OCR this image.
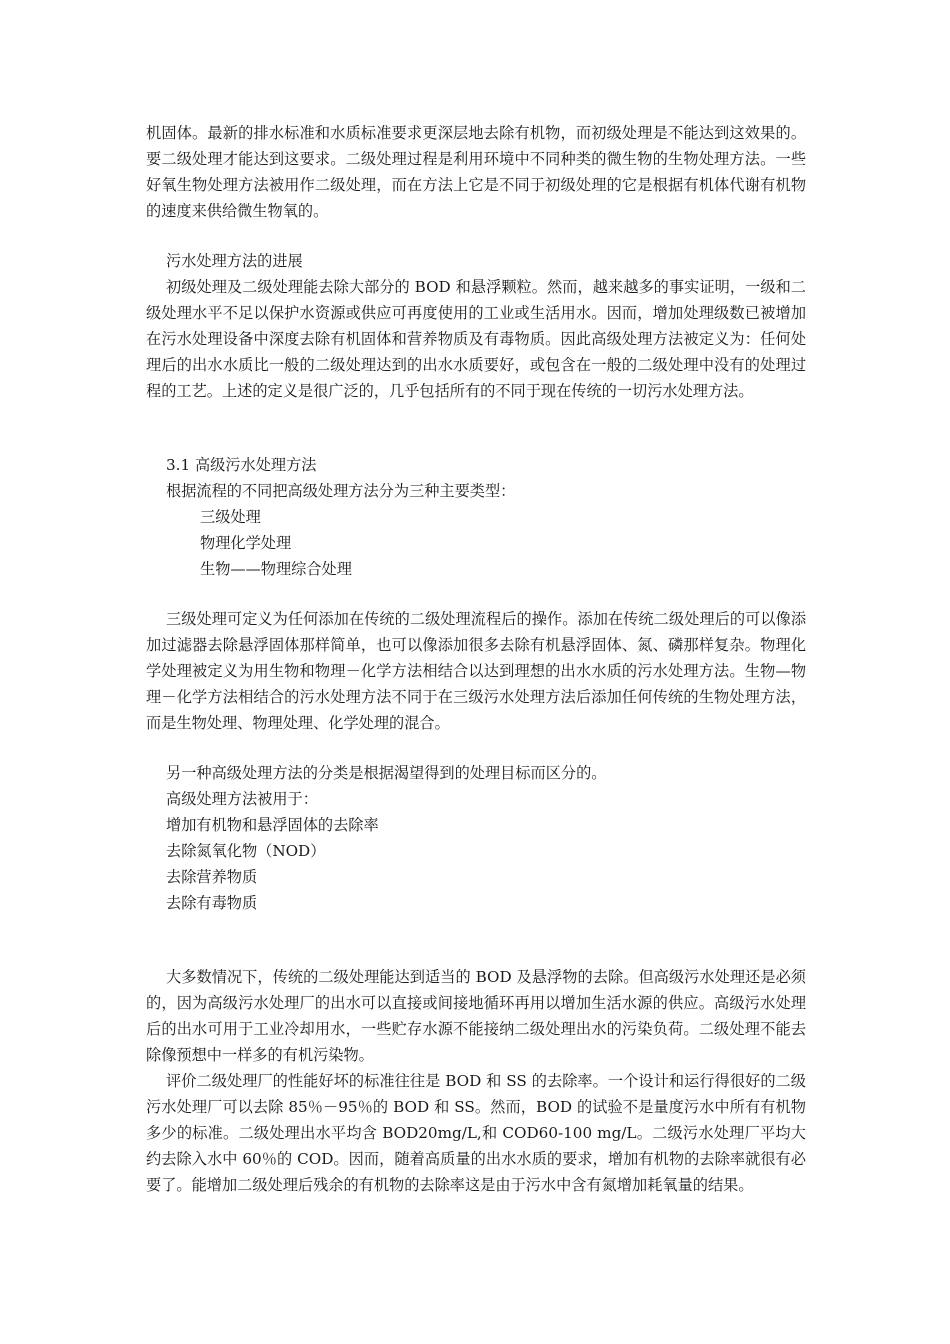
机固体。最新的排水标准和水质标准要求更深层地去除有机物，而初级处理是不能达到这效果的。要二级处理才能达到这要求。二级处理过程是利用环境中不同种类的微生物的生物处理方法。一些好氧生物处理方法被用作二级处理，而在方法上它是不同于初级处理的它是根据有机体代谢有机物的速度来供给微生物氧的。

污水处理方法的进展

初级处理及二级处理能去除大部分的 BOD 和悬浮颗粒。然而，越来越多的事实证明，一级和二级处理水平不足以保护水资源或供应可再度使用的工业或生活用水。因而，增加处理级数已被增加在污水处理设备中深度去除有机固体和营养物质及有毒物质。因此高级处理方法被定义为：任何处理后的出水水质比一般的二级处理达到的出水水质要好，或包含在一般的二级处理中没有的处理过程的工艺。上述的定义是很广泛的，几乎包括所有的不同于现在传统的一切污水处理方法。

3.1 高级污水处理方法

根据流程的不同把高级处理方法分为三种主要类型：

三级处理

物理化学处理

生物——物理综合处理

三级处理可定义为任何添加在传统的二级处理流程后的操作。添加在传统二级处理后的可以像添加过滤器去除悬浮固体那样简单，也可以像添加很多去除有机悬浮固体、氮、磷那样复杂。物理化学处理被定义为用生物和物理－化学方法相结合以达到理想的出水水质的污水处理方法。生物—物理－化学方法相结合的污水处理方法不同于在三级污水处理方法后添加任何传统的生物处理方法，而是生物处理、物理处理、化学处理的混合。

另一种高级处理方法的分类是根据渴望得到的处理目标而区分的。

高级处理方法被用于：

增加有机物和悬浮固体的去除率

去除氮氧化物（NOD）

去除营养物质

去除有毒物质

大多数情况下，传统的二级处理能达到适当的 BOD 及悬浮物的去除。但高级污水处理还是必须的，因为高级污水处理厂的出水可以直接或间接地循环再用以增加生活水源的供应。高级污水处理后的出水可用于工业冷却用水，一些贮存水源不能接纳二级处理出水的污染负荷。二级处理不能去除像预想中一样多的有机污染物。

评价二级处理厂的性能好坏的标准往往是 BOD 和 SS 的去除率。一个设计和运行得很好的二级污水处理厂可以去除 85％－95％的 BOD 和 SS。然而，BOD 的试验不是量度污水中所有有机物多少的标准。二级处理出水平均含 BOD20mg/L,和 COD60-100 mg/L。二级污水处理厂平均大约去除入水中 60％的 COD。因而，随着高质量的出水水质的要求，增加有机物的去除率就很有必要了。能增加二级处理后残余的有机物的去除率这是由于污水中含有氮增加耗氧量的结果。
